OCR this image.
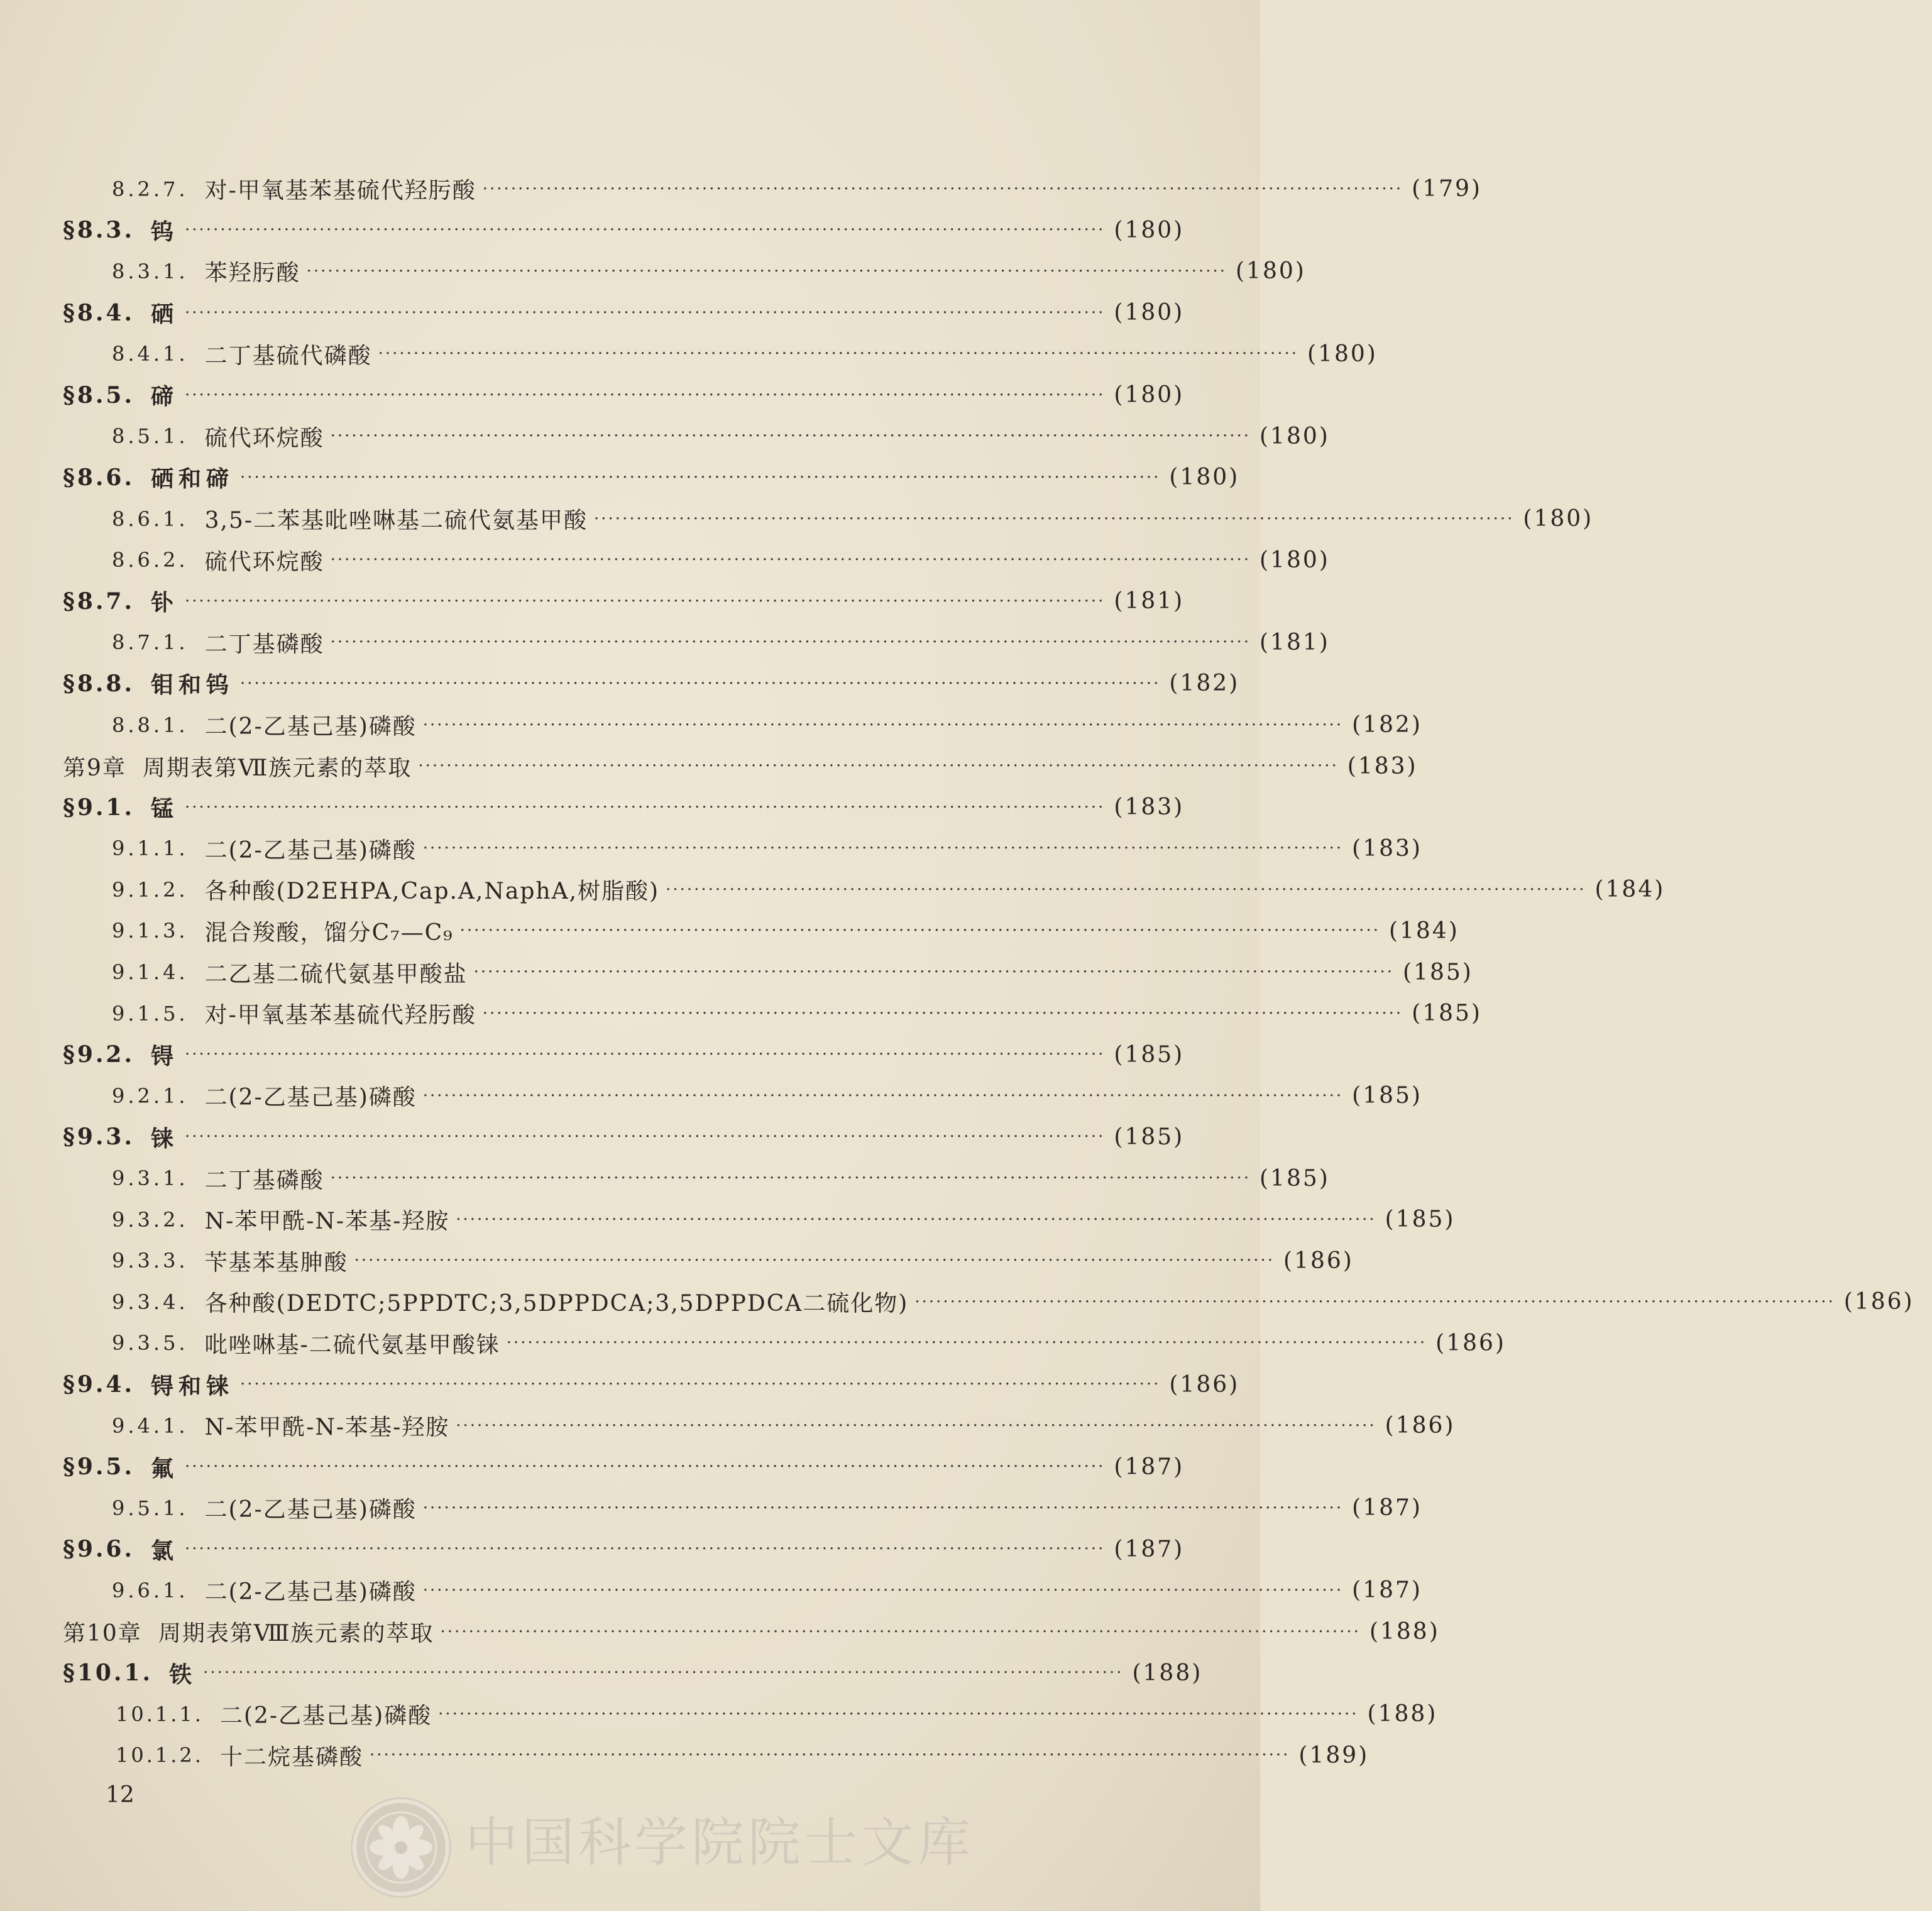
8.2.7. 对-甲氧基苯基硫代羟肟酸 ·································································································································· (179)
§8.3. 钨 ·································································································································· (180)
8.3.1. 苯羟肟酸 ·································································································································· (180)
§8.4. 硒 ·································································································································· (180)
8.4.1. 二丁基硫代磷酸 ·································································································································· (180)
§8.5. 碲 ·································································································································· (180)
8.5.1. 硫代环烷酸 ·································································································································· (180)
§8.6. 硒和碲 ·································································································································· (180)
8.6.1. 3,5-二苯基吡唑啉基二硫代氨基甲酸 ·································································································································· (180)
8.6.2. 硫代环烷酸 ·································································································································· (180)
§8.7. 钋 ·································································································································· (181)
8.7.1. 二丁基磷酸 ·································································································································· (181)
§8.8. 钼和钨 ·································································································································· (182)
8.8.1. 二(2-乙基己基)磷酸 ·································································································································· (182)
第9章 周期表第Ⅶ族元素的萃取 ·································································································································· (183)
§9.1. 锰 ·································································································································· (183)
9.1.1. 二(2-乙基己基)磷酸 ·································································································································· (183)
9.1.2. 各种酸(D2EHPA,Cap.A,NaphA,树脂酸) ·································································································································· (184)
9.1.3. 混合羧酸，馏分C₇—C₉ ·································································································································· (184)
9.1.4. 二乙基二硫代氨基甲酸盐 ·································································································································· (185)
9.1.5. 对-甲氧基苯基硫代羟肟酸 ·································································································································· (185)
§9.2. 锝 ·································································································································· (185)
9.2.1. 二(2-乙基己基)磷酸 ·································································································································· (185)
§9.3. 铼 ·································································································································· (185)
9.3.1. 二丁基磷酸 ·································································································································· (185)
9.3.2. N-苯甲酰-N-苯基-羟胺 ·································································································································· (185)
9.3.3. 苄基苯基胂酸 ·································································································································· (186)
9.3.4. 各种酸(DEDTC;5PPDTC;3,5DPPDCA;3,5DPPDCA二硫化物) ·································································································································· (186)
9.3.5. 吡唑啉基-二硫代氨基甲酸铼 ·································································································································· (186)
§9.4. 锝和铼 ·································································································································· (186)
9.4.1. N-苯甲酰-N-苯基-羟胺 ·································································································································· (186)
§9.5. 氟 ·································································································································· (187)
9.5.1. 二(2-乙基己基)磷酸 ·································································································································· (187)
§9.6. 氯 ·································································································································· (187)
9.6.1. 二(2-乙基己基)磷酸 ·································································································································· (187)
第10章 周期表第Ⅷ族元素的萃取 ·································································································································· (188)
§10.1. 铁 ·································································································································· (188)
10.1.1. 二(2-乙基己基)磷酸 ·································································································································· (188)
10.1.2. 十二烷基磷酸 ·································································································································· (189)
12
中国科学院院士文库
